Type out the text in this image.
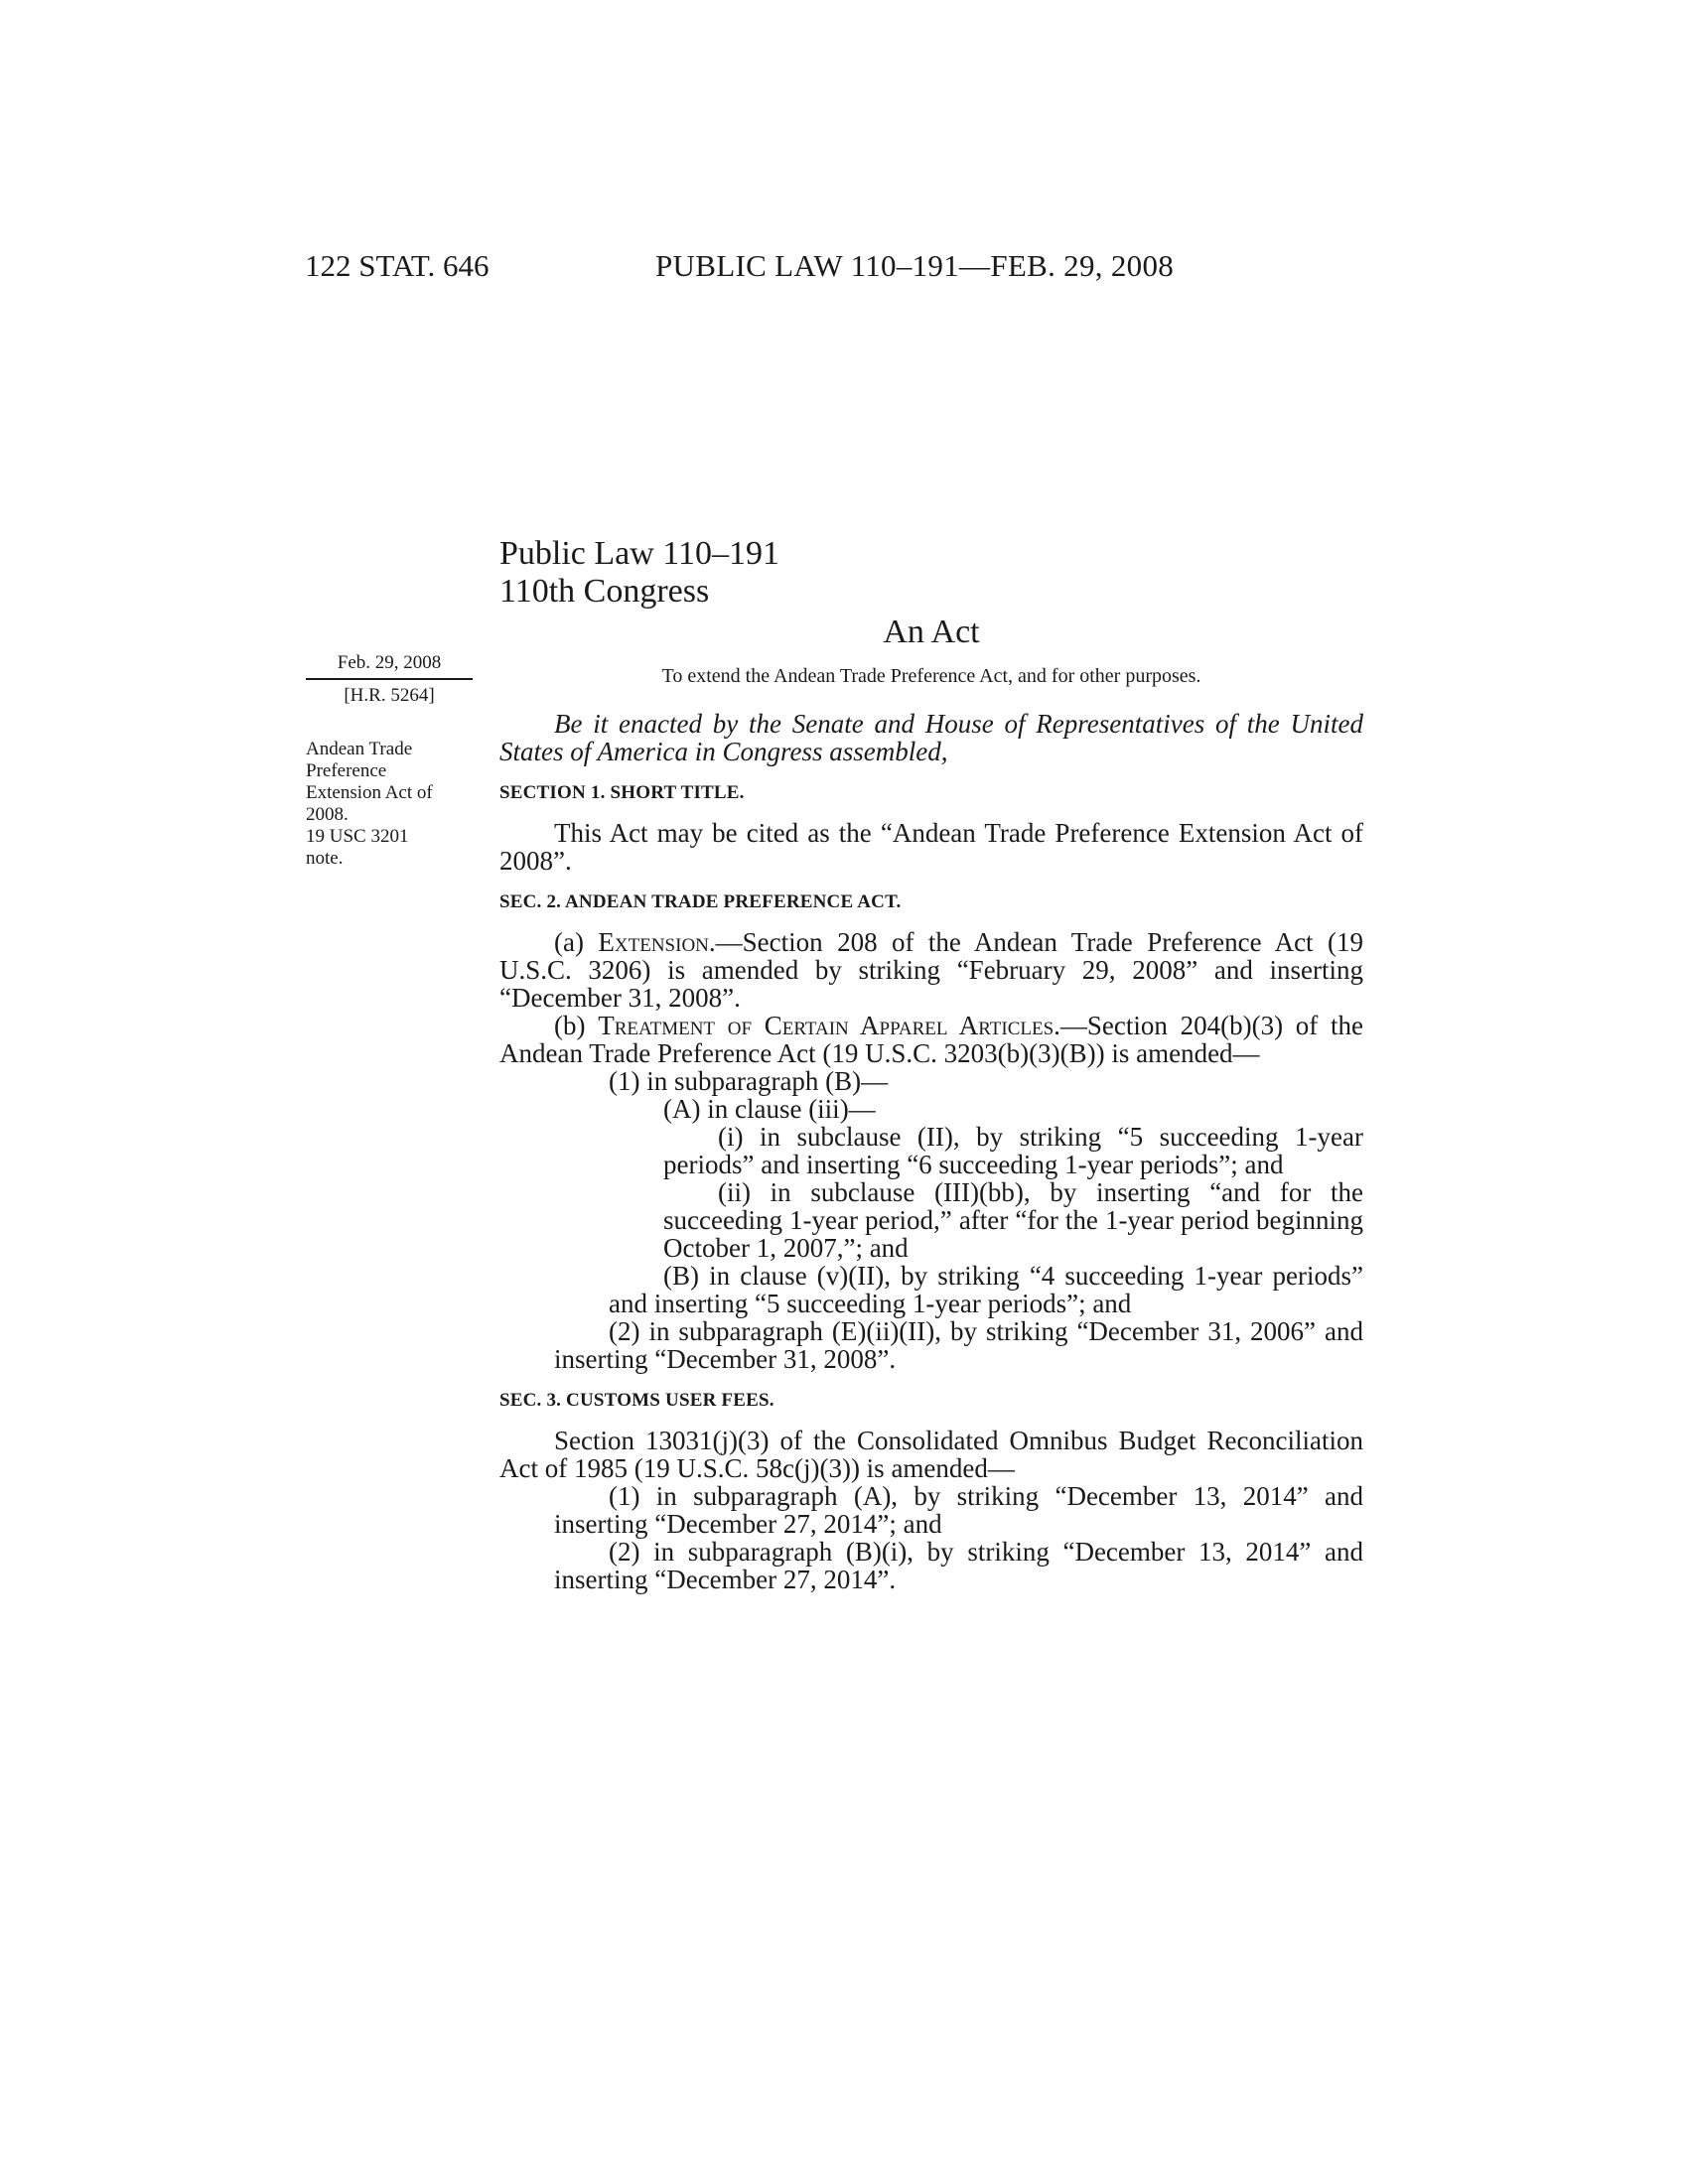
122 STAT. 646	PUBLIC LAW 110–191—FEB. 29, 2008
Public Law 110–191
110th Congress
An Act
Feb. 29, 2008
[H.R. 5264]
To extend the Andean Trade Preference Act, and for other purposes.
Andean Trade
Preference
Extension Act of
2008.
19 USC 3201
note.

Be it enacted by the Senate and House of Representatives of the United States of America in Congress assembled,

SECTION 1. SHORT TITLE.

This Act may be cited as the “Andean Trade Preference Extension Act of 2008”.

SEC. 2. ANDEAN TRADE PREFERENCE ACT.

(a) Extension.—Section 208 of the Andean Trade Preference Act (19 U.S.C. 3206) is amended by striking “February 29, 2008” and inserting “December 31, 2008”.

(b) Treatment of Certain Apparel Articles.—Section 204(b)(3) of the Andean Trade Preference Act (19 U.S.C. 3203(b)(3)(B)) is amended—

(1) in subparagraph (B)—

(A) in clause (iii)—

(i) in subclause (II), by striking “5 succeeding 1-year periods” and inserting “6 succeeding 1-year periods”; and

(ii) in subclause (III)(bb), by inserting “and for the succeeding 1-year period,” after “for the 1-year period beginning October 1, 2007,”; and

(B) in clause (v)(II), by striking “4 succeeding 1-year periods” and inserting “5 succeeding 1-year periods”; and

(2) in subparagraph (E)(ii)(II), by striking “December 31, 2006” and inserting “December 31, 2008”.

SEC. 3. CUSTOMS USER FEES.

Section 13031(j)(3) of the Consolidated Omnibus Budget Reconciliation Act of 1985 (19 U.S.C. 58c(j)(3)) is amended—

(1) in subparagraph (A), by striking “December 13, 2014” and inserting “December 27, 2014”; and

(2) in subparagraph (B)(i), by striking “December 13, 2014” and inserting “December 27, 2014”.
